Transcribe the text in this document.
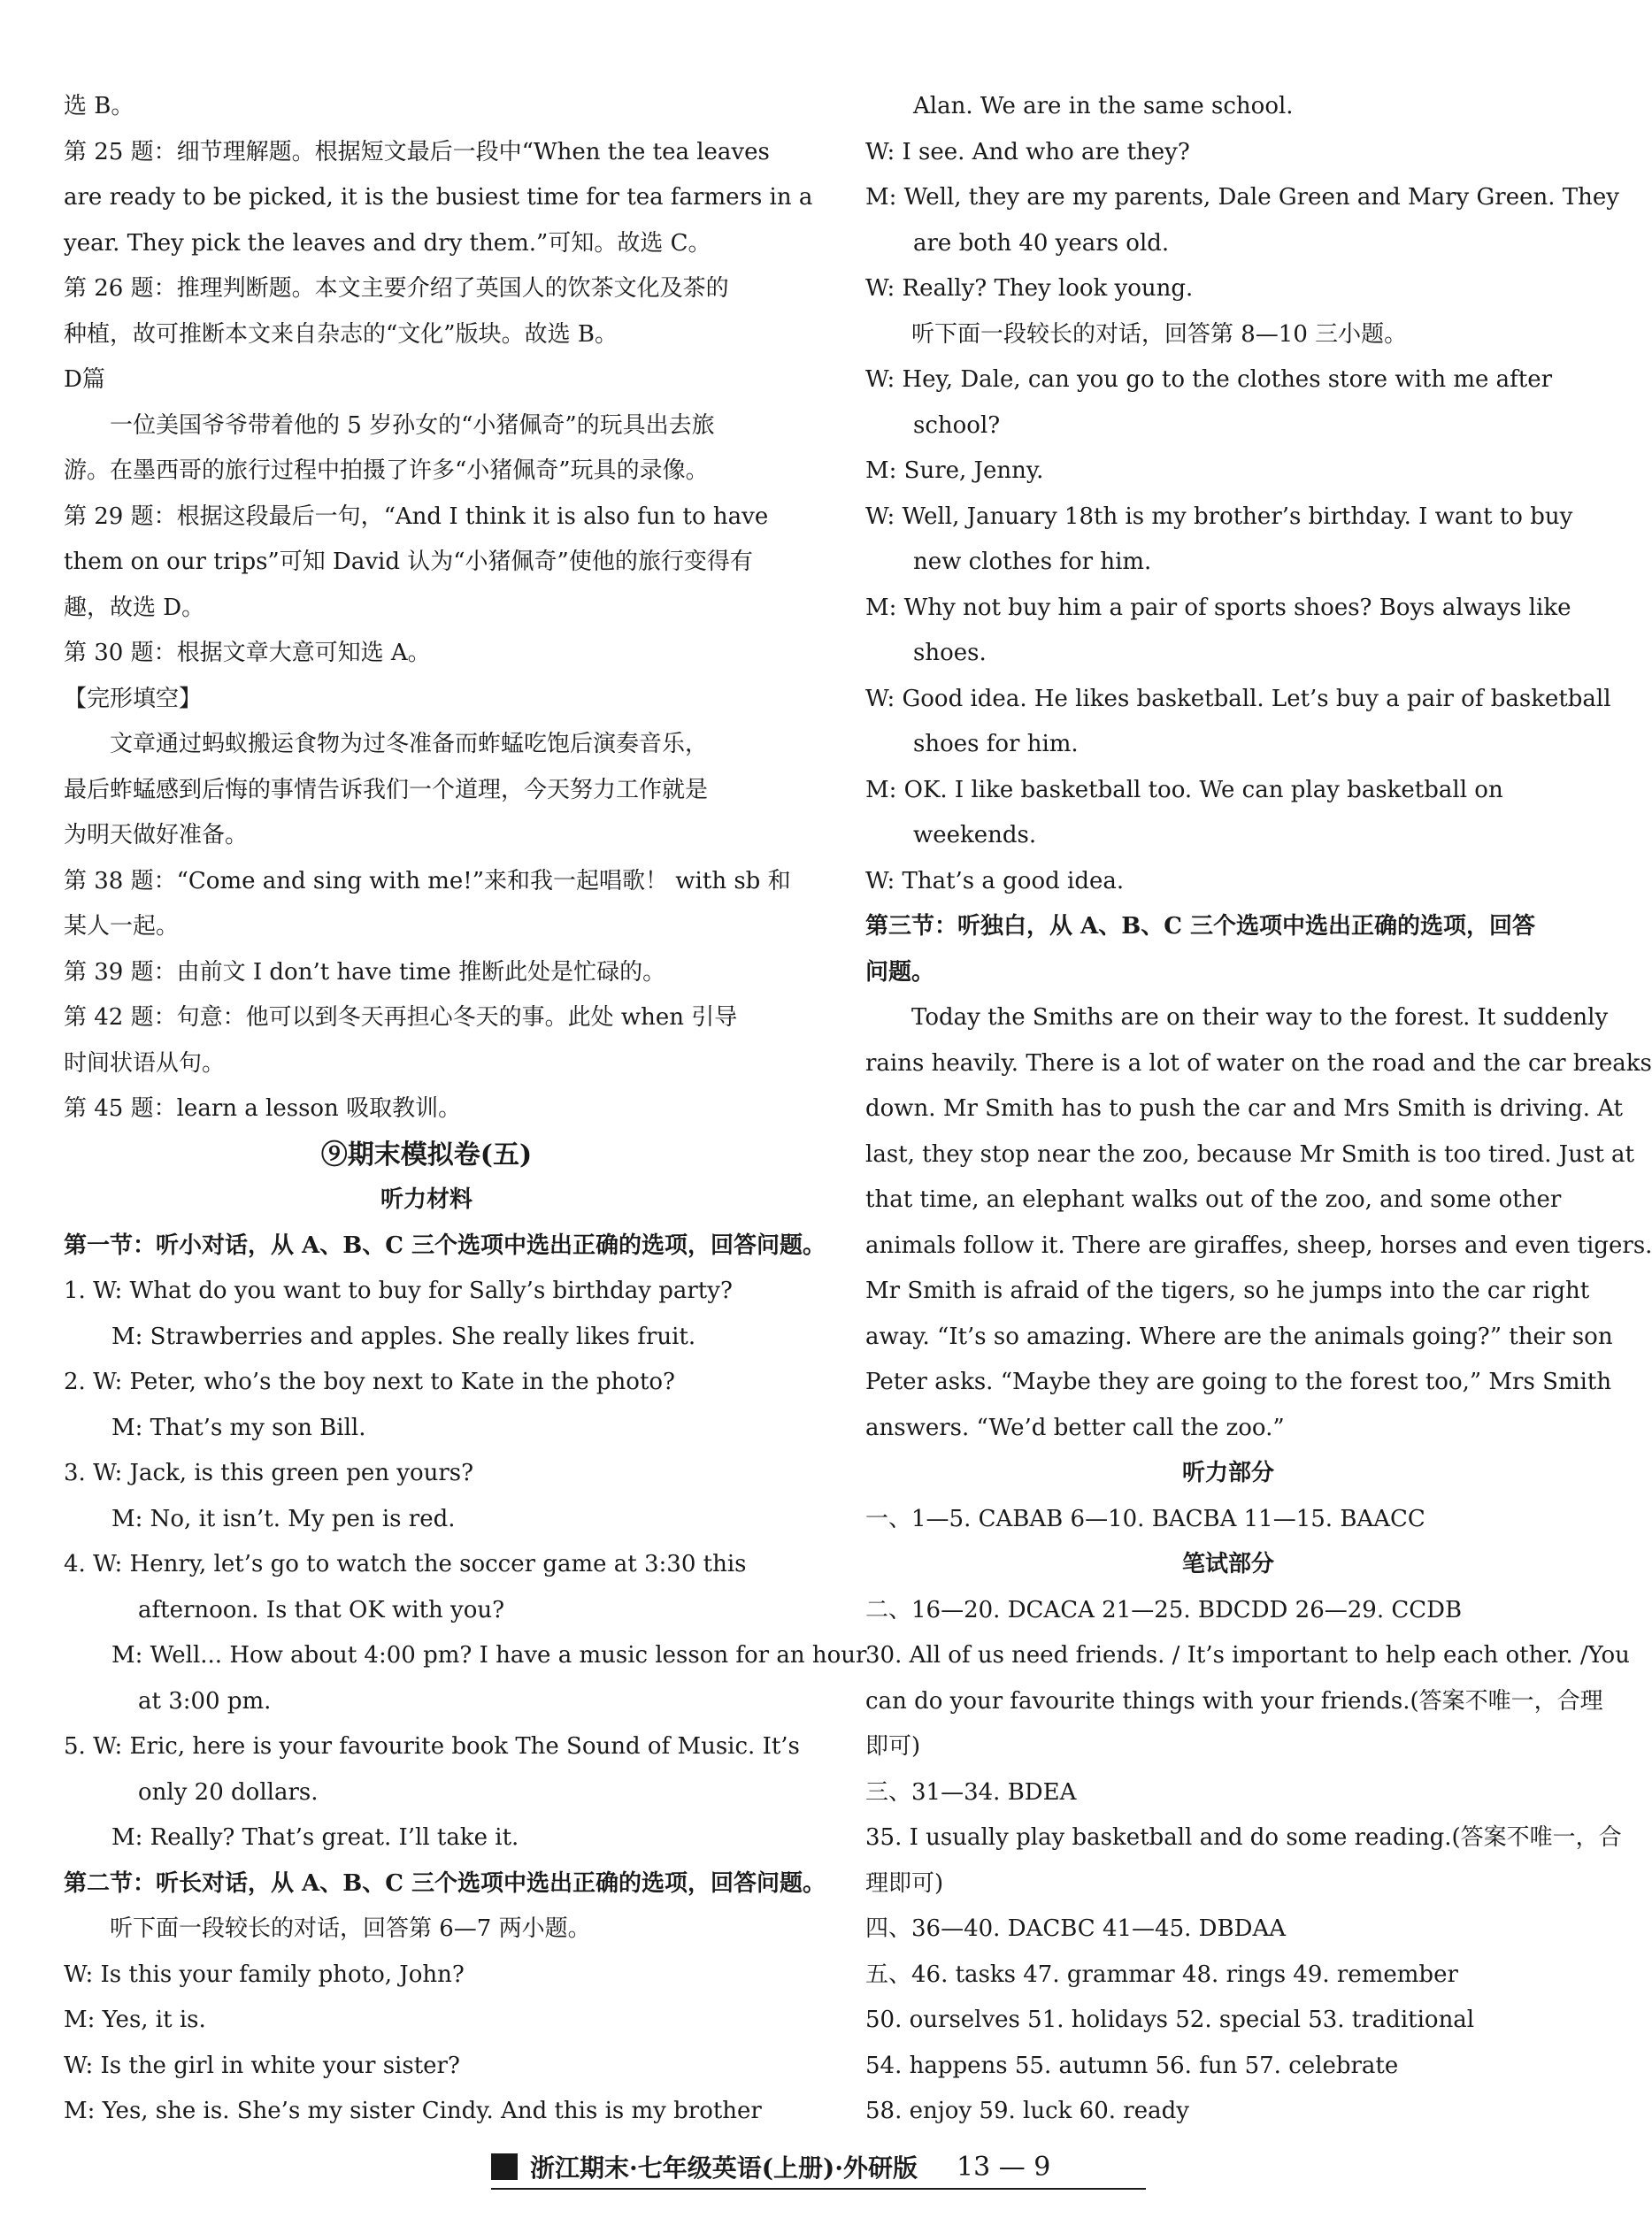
选 B。
第 25 题：细节理解题。根据短文最后一段中“When the tea leaves
are ready to be picked, it is the busiest time for tea farmers in a
year. They pick the leaves and dry them.”可知。故选 C。
第 26 题：推理判断题。本文主要介绍了英国人的饮茶文化及茶的
种植，故可推断本文来自杂志的“文化”版块。故选 B。
D篇
一位美国爷爷带着他的 5 岁孙女的“小猪佩奇”的玩具出去旅
游。在墨西哥的旅行过程中拍摄了许多“小猪佩奇”玩具的录像。
第 29 题：根据这段最后一句，“And I think it is also fun to have
them on our trips”可知 David 认为“小猪佩奇”使他的旅行变得有
趣，故选 D。
第 30 题：根据文章大意可知选 A。
【完形填空】
文章通过蚂蚁搬运食物为过冬准备而蚱蜢吃饱后演奏音乐，
最后蚱蜢感到后悔的事情告诉我们一个道理，今天努力工作就是
为明天做好准备。
第 38 题：“Come and sing with me!”来和我一起唱歌！ with sb 和
某人一起。
第 39 题：由前文 I don’t have time 推断此处是忙碌的。
第 42 题：句意：他可以到冬天再担心冬天的事。此处 when 引导
时间状语从句。
第 45 题：learn a lesson 吸取教训。
⑨期末模拟卷(五)
听力材料
第一节：听小对话，从 A、B、C 三个选项中选出正确的选项，回答问题。
1. W: What do you want to buy for Sally’s birthday party?
M: Strawberries and apples. She really likes fruit.
2. W: Peter, who’s the boy next to Kate in the photo?
M: That’s my son Bill.
3. W: Jack, is this green pen yours?
M: No, it isn’t. My pen is red.
4. W: Henry, let’s go to watch the soccer game at 3:30 this
afternoon. Is that OK with you?
M: Well... How about 4:00 pm? I have a music lesson for an hour
at 3:00 pm.
5. W: Eric, here is your favourite book The Sound of Music. It’s
only 20 dollars.
M: Really? That’s great. I’ll take it.
第二节：听长对话，从 A、B、C 三个选项中选出正确的选项，回答问题。
听下面一段较长的对话，回答第 6—7 两小题。
W: Is this your family photo, John?
M: Yes, it is.
W: Is the girl in white your sister?
M: Yes, she is. She’s my sister Cindy. And this is my brother
Alan. We are in the same school.
W: I see. And who are they?
M: Well, they are my parents, Dale Green and Mary Green. They
are both 40 years old.
W: Really? They look young.
听下面一段较长的对话，回答第 8—10 三小题。
W: Hey, Dale, can you go to the clothes store with me after
school?
M: Sure, Jenny.
W: Well, January 18th is my brother’s birthday. I want to buy
new clothes for him.
M: Why not buy him a pair of sports shoes? Boys always like
shoes.
W: Good idea. He likes basketball. Let’s buy a pair of basketball
shoes for him.
M: OK. I like basketball too. We can play basketball on
weekends.
W: That’s a good idea.
第三节：听独白，从 A、B、C 三个选项中选出正确的选项，回答
问题。
Today the Smiths are on their way to the forest. It suddenly
rains heavily. There is a lot of water on the road and the car breaks
down. Mr Smith has to push the car and Mrs Smith is driving. At
last, they stop near the zoo, because Mr Smith is too tired. Just at
that time, an elephant walks out of the zoo, and some other
animals follow it. There are giraffes, sheep, horses and even tigers.
Mr Smith is afraid of the tigers, so he jumps into the car right
away. “It’s so amazing. Where are the animals going?” their son
Peter asks. “Maybe they are going to the forest too,” Mrs Smith
answers. “We’d better call the zoo.”
听力部分
一、1—5. CABAB 6—10. BACBA 11—15. BAACC
笔试部分
二、16—20. DCACA 21—25. BDCDD 26—29. CCDB
30. All of us need friends. / It’s important to help each other. /You
can do your favourite things with your friends.(答案不唯一，合理
即可)
三、31—34. BDEA
35. I usually play basketball and do some reading.(答案不唯一，合
理即可)
四、36—40. DACBC 41—45. DBDAA
五、46. tasks 47. grammar 48. rings 49. remember
50. ourselves 51. holidays 52. special 53. traditional
54. happens 55. autumn 56. fun 57. celebrate
58. enjoy 59. luck 60. ready
浙江期末·七年级英语(上册)·外研版 13 — 9
